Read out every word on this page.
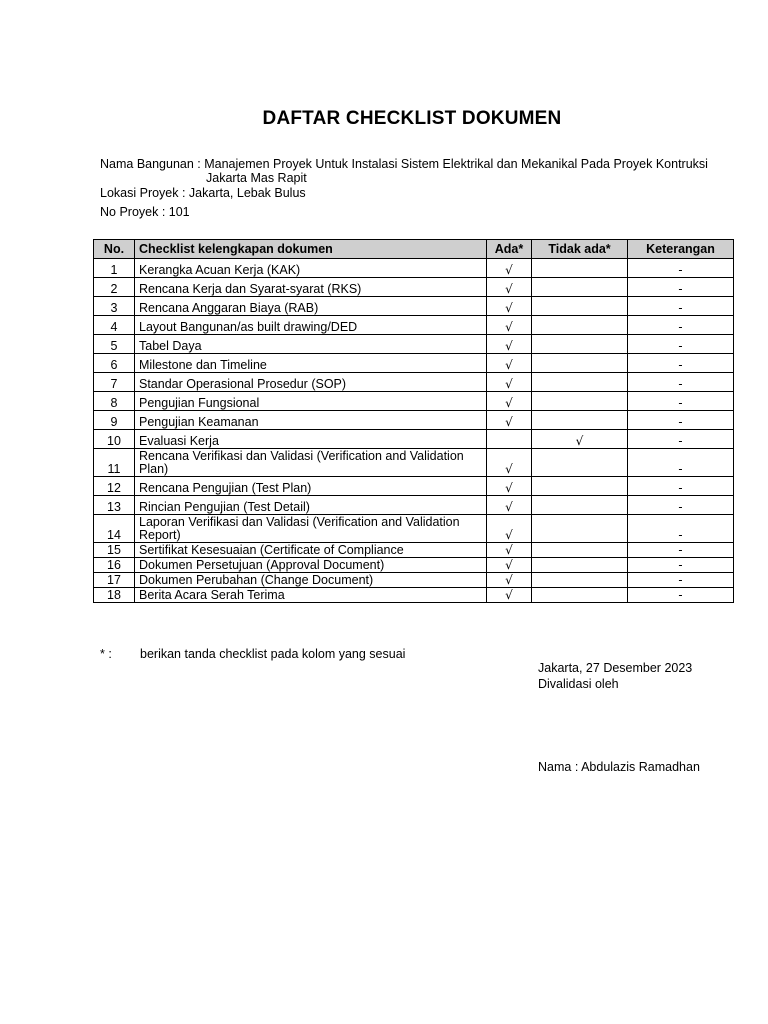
DAFTAR CHECKLIST DOKUMEN
Nama Bangunan : Manajemen Proyek Untuk Instalasi Sistem Elektrikal dan Mekanikal Pada Proyek Kontruksi
Jakarta Mas Rapit
Lokasi Proyek : Jakarta, Lebak Bulus
No Proyek : 101
No.	Checklist kelengkapan dokumen	Ada*	Tidak ada*	Keterangan
1	Kerangka Acuan Kerja (KAK)	√		-
2	Rencana Kerja dan Syarat-syarat (RKS)	√		-
3	Rencana Anggaran Biaya (RAB)	√		-
4	Layout Bangunan/as built drawing/DED	√		-
5	Tabel Daya	√		-
6	Milestone dan Timeline	√		-
7	Standar Operasional Prosedur (SOP)	√		-
8	Pengujian Fungsional	√		-
9	Pengujian Keamanan	√		-
10	Evaluasi Kerja		√	-
11	Rencana Verifikasi dan Validasi (Verification and Validation Plan)	√		-
12	Rencana Pengujian (Test Plan)	√		-
13	Rincian Pengujian (Test Detail)	√		-
14	Laporan Verifikasi dan Validasi (Verification and Validation Report)	√		-
15	Sertifikat Kesesuaian (Certificate of Compliance	√		-
16	Dokumen Persetujuan (Approval Document)	√		-
17	Dokumen Perubahan (Change Document)	√		-
18	Berita Acara Serah Terima	√		-
* : berikan tanda checklist pada kolom yang sesuai
Jakarta, 27 Desember 2023
Divalidasi oleh
Nama : Abdulazis Ramadhan
